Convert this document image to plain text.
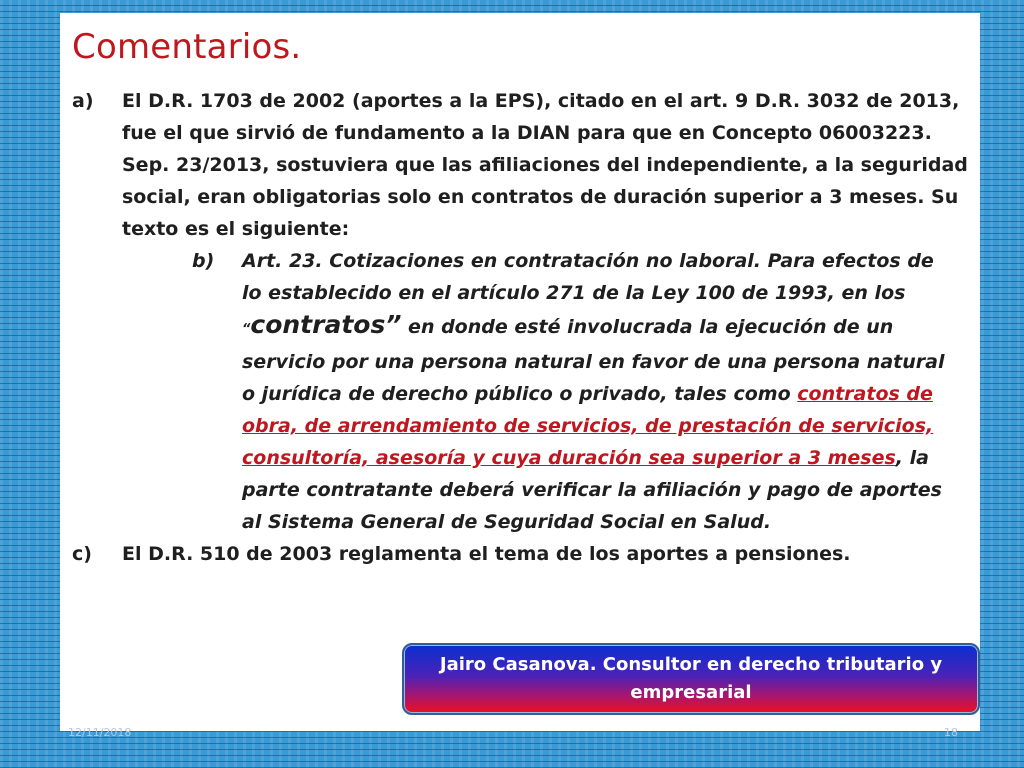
Comentarios.
a) El D.R. 1703 de 2002 (aportes a la EPS), citado en el art. 9 D.R. 3032 de 2013, fue el que sirvió de fundamento a la DIAN para que en Concepto 06003223. Sep. 23/2013, sostuviera que las afiliaciones del independiente, a la seguridad social, eran obligatorias solo en contratos de duración superior a 3 meses. Su texto es el siguiente:
b) Art. 23. Cotizaciones en contratación no laboral. Para efectos de lo establecido en el artículo 271 de la Ley 100 de 1993, en los “contratos” en donde esté involucrada la ejecución de un servicio por una persona natural en favor de una persona natural o jurídica de derecho público o privado, tales como contratos de obra, de arrendamiento de servicios, de prestación de servicios, consultoría, asesoría y cuya duración sea superior a 3 meses, la parte contratante deberá verificar la afiliación y pago de aportes al Sistema General de Seguridad Social en Salud.
c) El D.R. 510 de 2003 reglamenta el tema de los aportes a pensiones.
Jairo Casanova. Consultor en derecho tributario y empresarial
12/11/2018	18
